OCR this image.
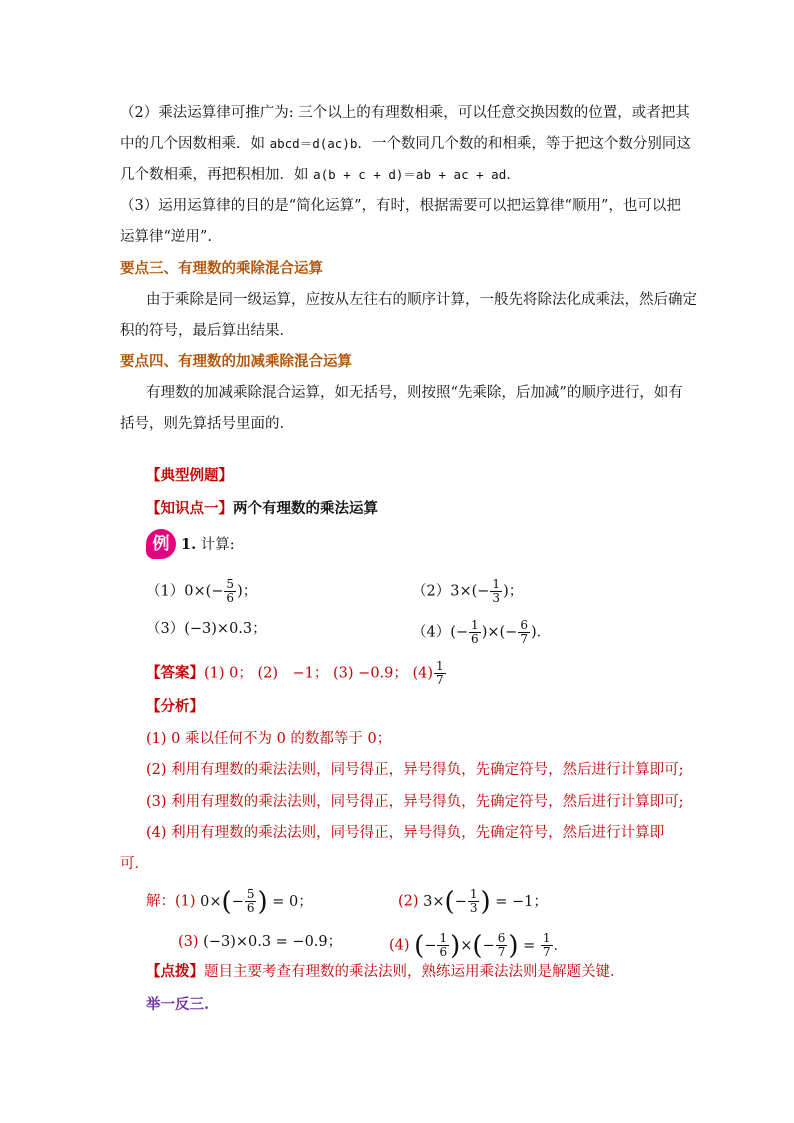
（2）乘法运算律可推广为: 三个以上的有理数相乘，可以任意交换因数的位置，或者把其
中的几个因数相乘．如 abcd＝d(ac)b．一个数同几个数的和相乘，等于把这个数分别同这
几个数相乘，再把积相加．如 a(b + c + d)＝ab + ac + ad．
（3）运用运算律的目的是“简化运算”，有时，根据需要可以把运算律“顺用”，也可以把
运算律“逆用”.
要点三、有理数的乘除混合运算
由于乘除是同一级运算，应按从左往右的顺序计算，一般先将除法化成乘法，然后确定
积的符号，最后算出结果．
要点四、有理数的加减乘除混合运算
有理数的加减乘除混合运算，如无括号，则按照“先乘除，后加减”的顺序进行，如有
括号，则先算括号里面的．
【典型例题】
【知识点一】两个有理数的乘法运算
例 1. 计算:
$(1)0\times(- \frac{5}{6}$ )；	$(2)3\times(- \frac{1}{3}$ )；
（3）(−3)×0.3；	$(4)(- \frac{1}{6}$ )×(− $\frac{6}{7}$ )．
【答案】(1) 0； (2)　−1； (3) −0.9； $(4) \frac{1}{7}$
【分析】
(1) 0 乘以任何不为 0 的数都等于 0；
(2) 利用有理数的乘法法则，同号得正，异号得负，先确定符号，然后进行计算即可;
(3) 利用有理数的乘法法则，同号得正，异号得负，先确定符号，然后进行计算即可;
(4) 利用有理数的乘法法则，同号得正，异号得负，先确定符号，然后进行计算即
可．
解：(1) $0\times(- \frac{5}{6}$ ) = 0；	(2) $3\times(- \frac{1}{3}$ ) = −1；
(3) (−3)×0.3 = −0.9；	(4) (− $\frac{1}{6}$ )×(− $\frac{6}{7}$ ) = $\frac{1}{7}$ ．
【点拨】题目主要考查有理数的乘法法则，熟练运用乘法法则是解题关键．
举一反三.
